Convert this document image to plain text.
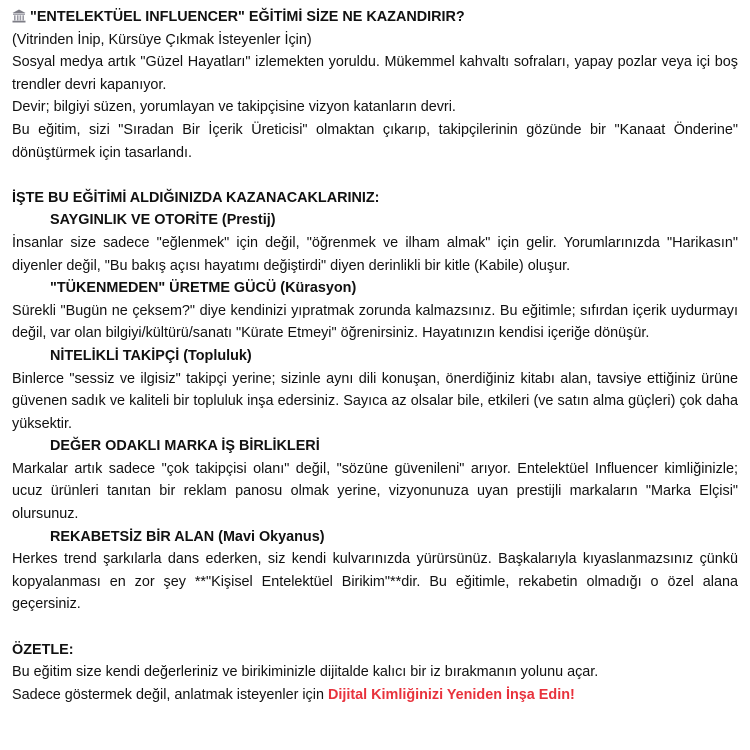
"ENTELEKTÜEL INFLUENCER" EĞİTİMİ SİZE NE KAZANDIRIR?

(Vitrinden İnip, Kürsüye Çıkmak İsteyenler İçin)

Sosyal medya artık "Güzel Hayatları" izlemekten yoruldu. Mükemmel kahvaltı sofraları, yapay pozlar veya içi boş trendler devri kapanıyor.

Devir; bilgiyi süzen, yorumlayan ve takipçisine vizyon katanların devri.

Bu eğitim, sizi "Sıradan Bir İçerik Üreticisi" olmaktan çıkarıp, takipçilerinin gözünde bir "Kanaat Önderine" dönüştürmek için tasarlandı.

İŞTE BU EĞİTİMİ ALDIĞINIZDA KAZANACAKLARINIZ:

SAYGINLIK VE OTORİTE (Prestij)

İnsanlar size sadece "eğlenmek" için değil, "öğrenmek ve ilham almak" için gelir. Yorumlarınızda "Harikasın" diyenler değil, "Bu bakış açısı hayatımı değiştirdi" diyen derinlikli bir kitle (Kabile) oluşur.

"TÜKENMEDEN" ÜRETME GÜCÜ (Kürasyon)

Sürekli "Bugün ne çeksem?" diye kendinizi yıpratmak zorunda kalmazsınız. Bu eğitimle; sıfırdan içerik uydurmayı değil, var olan bilgiyi/kültürü/sanatı "Kürate Etmeyi" öğrenirsiniz. Hayatınızın kendisi içeriğe dönüşür.

NİTELİKLİ TAKİPÇİ (Topluluk)

Binlerce "sessiz ve ilgisiz" takipçi yerine; sizinle aynı dili konuşan, önerdiğiniz kitabı alan, tavsiye ettiğiniz ürüne güvenen sadık ve kaliteli bir topluluk inşa edersiniz. Sayıca az olsalar bile, etkileri (ve satın alma güçleri) çok daha yüksektir.

DEĞER ODAKLI MARKA İŞ BİRLİKLERİ

Markalar artık sadece "çok takipçisi olanı" değil, "sözüne güvenileni" arıyor. Entelektüel Influencer kimliğinizle; ucuz ürünleri tanıtan bir reklam panosu olmak yerine, vizyonunuza uyan prestijli markaların "Marka Elçisi" olursunuz.

REKABETSİZ BİR ALAN (Mavi Okyanus)

Herkes trend şarkılarla dans ederken, siz kendi kulvarınızda yürürsünüz. Başkalarıyla kıyaslanmazsınız çünkü kopyalanması en zor şey **"Kişisel Entelektüel Birikim"**dir. Bu eğitimle, rekabetin olmadığı o özel alana geçersiniz.

ÖZETLE:

Bu eğitim size kendi değerleriniz ve birikiminizle dijitalde kalıcı bir iz bırakmanın yolunu açar.

Sadece göstermek değil, anlatmak isteyenler için Dijital Kimliğinizi Yeniden İnşa Edin!
